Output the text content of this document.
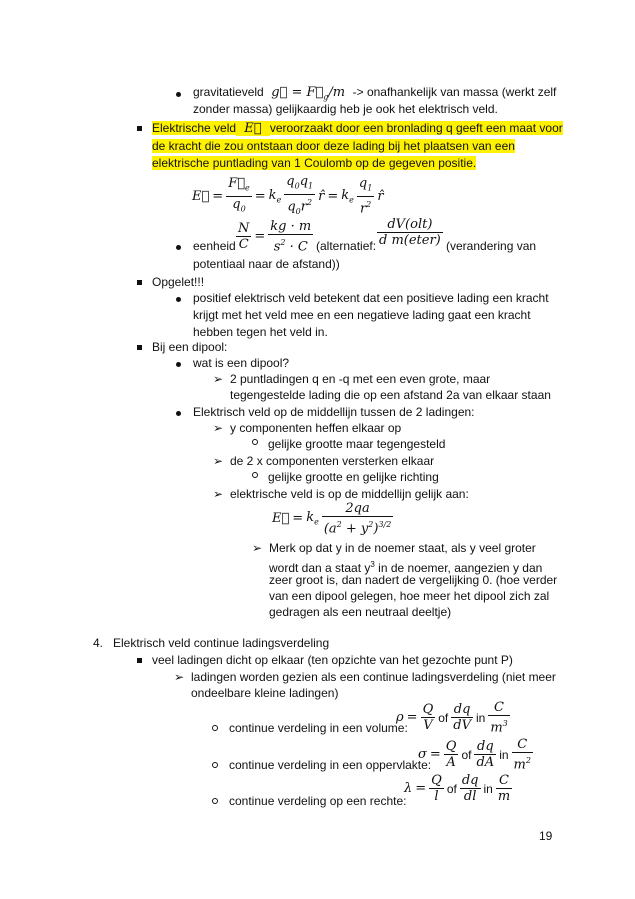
gravitatieveld  g⃗ = $F⃗_g/m$  -> onafhankelijk van massa (werkt zelf
zonder massa) gelijkaardig heb je ook het elektrisch veld.
Elektrische veld  E⃗  veroorzaakt door een bronlading q geeft een maat voor
de kracht die zou ontstaan door deze lading bij het plaatsen van een
elektrische puntlading van 1 Coulomb op de gegeven positie.
E⃗ = $\frac{F⃗_e}{q_0} = k_e \frac{q_0q_1}{q_0r^2}$ r̂ = $k_e \frac{q_1}{r^2}$ r̂
eenheid $\frac{N}{C} = \frac{kg \cdot m}{s^2 \cdot C}$ (alternatief: $\frac{\text{dV(olt)}}{\text{d m(eter)}}$ (verandering van
potentiaal naar de afstand))
Opgelet!!!
positief elektrisch veld betekent dat een positieve lading een kracht
krijgt met het veld mee en een negatieve lading gaat een kracht
hebben tegen het veld in.
Bij een dipool:
wat is een dipool?
➢ 2 puntladingen q en -q met een even grote, maar
tegengestelde lading die op een afstand 2a van elkaar staan
Elektrisch veld op de middellijn tussen de 2 ladingen:
➢ y componenten heffen elkaar op
gelijke grootte maar tegengesteld
➢ de 2 x componenten versterken elkaar
gelijke grootte en gelijke richting
➢ elektrische veld is op de middellijn gelijk aan:
E⃗ = $k_e \frac{2qa}{(a^2 + y^2)^{3/2}}$
➢ Merk op dat y in de noemer staat, als y veel groter
wordt dan a staat $y^3$ in de noemer, aangezien y dan
zeer groot is, dan nadert de vergelijking 0. (hoe verder
van een dipool gelegen, hoe meer het dipool zich zal
gedragen als een neutraal deeltje)
4. Elektrisch veld continue ladingsverdeling
veel ladingen dicht op elkaar (ten opzichte van het gezochte punt P)
➢ ladingen worden gezien als een continue ladingsverdeling (niet meer
ondeelbare kleine ladingen)
continue verdeling in een volume:
$\rho = \frac{Q}{V}$ of $\frac{dq}{dV}$ in $\frac{C}{m^3}$
continue verdeling in een oppervlakte:
$\sigma = \frac{Q}{A}$ of $\frac{dq}{dA}$ in $\frac{C}{m^2}$
continue verdeling op een rechte:
$\lambda = \frac{Q}{l}$ of $\frac{dq}{dl}$ in $\frac{C}{m}$
19
